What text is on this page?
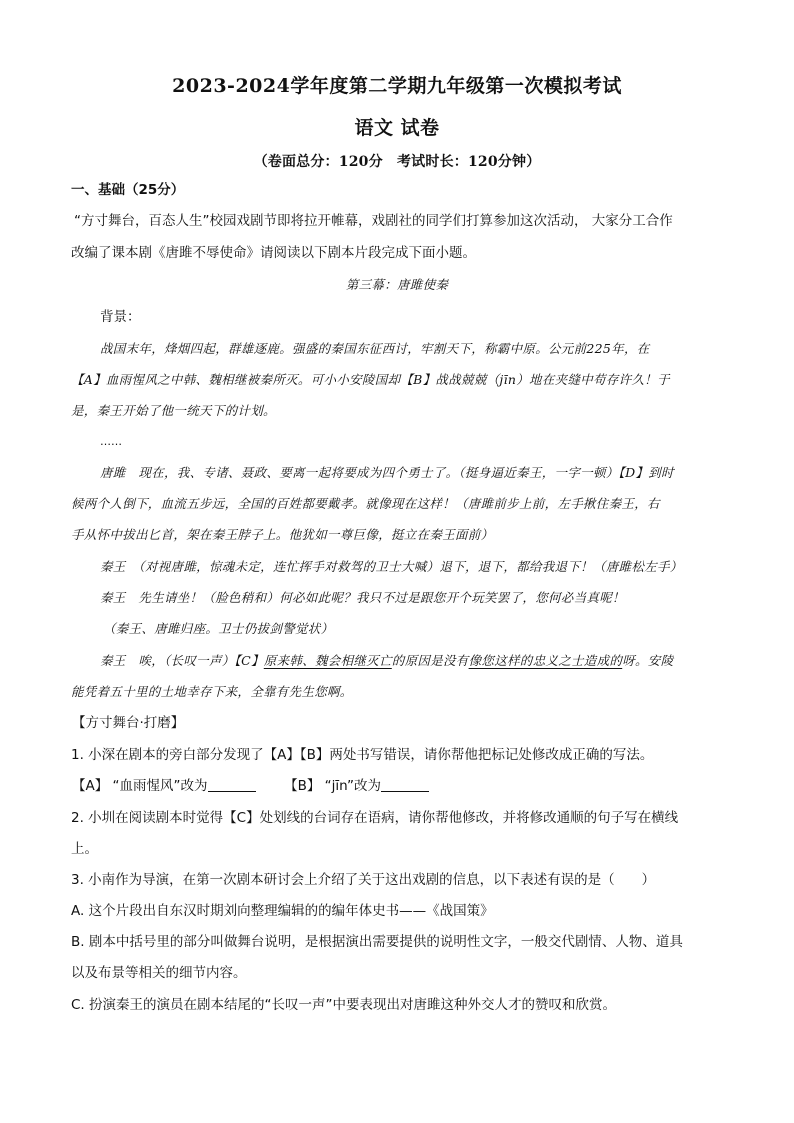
2023-2024学年度第二学期九年级第一次模拟考试
语文 试卷
（卷面总分：120分　考试时长：120分钟）
一、基础（25分）
“方寸舞台，百态人生”校园戏剧节即将拉开帷幕，戏剧社的同学们打算参加这次活动， 大家分工合作
改编了课本剧《唐雎不辱使命》请阅读以下剧本片段完成下面小题。
第三幕：唐雎使秦
背景：
战国末年，烽烟四起，群雄逐鹿。强盛的秦国东征西讨，牢割天下，称霸中原。公元前225年，在
【A】血雨惺风之中韩、魏相继被秦所灭。可小小安陵国却【B】战战兢兢（jīn）地在夹缝中苟存许久！于
是，秦王开始了他一统天下的计划。
……
唐雎　现在，我、专诸、聂政、要离一起将要成为四个勇士了。（挺身逼近秦王，一字一顿）【D】到时
候两个人倒下，血流五步远，全国的百姓都要戴孝。就像现在这样！（唐雎前步上前，左手揪住秦王，右
手从怀中拔出匕首，架在秦王脖子上。他犹如一尊巨像，挺立在秦王面前）
秦王　（对视唐雎，惊魂未定，连忙挥手对救驾的卫士大喊）退下，退下，都给我退下！（唐雎松左手）
秦王　先生请坐！（脸色稍和）何必如此呢？我只不过是跟您开个玩笑罢了，您何必当真呢！
（秦王、唐雎归座。卫士仍拔剑警觉状）
秦王　唉，（长叹一声）【C】原来韩、魏会相继灭亡的原因是没有像您这样的忠义之士造成的呀。安陵
能凭着五十里的土地幸存下来，全靠有先生您啊。
【方寸舞台·打磨】
1. 小深在剧本的旁白部分发现了【A】【B】两处书写错误，请你帮他把标记处修改成正确的写法。
【A】 “血雨惺风”改为	【B】 “jīn”改为
2. 小圳在阅读剧本时觉得【C】处划线的台词存在语病，请你帮他修改，并将修改通顺的句子写在横线
上。
3. 小南作为导演，在第一次剧本研讨会上介绍了关于这出戏剧的信息，以下表述有误的是（　　）
A. 这个片段出自东汉时期刘向整理编辑的的编年体史书——《战国策》
B. 剧本中括号里的部分叫做舞台说明，是根据演出需要提供的说明性文字，一般交代剧情、人物、道具
以及布景等相关的细节内容。
C. 扮演秦王的演员在剧本结尾的“长叹一声”中要表现出对唐雎这种外交人才的赞叹和欣赏。
